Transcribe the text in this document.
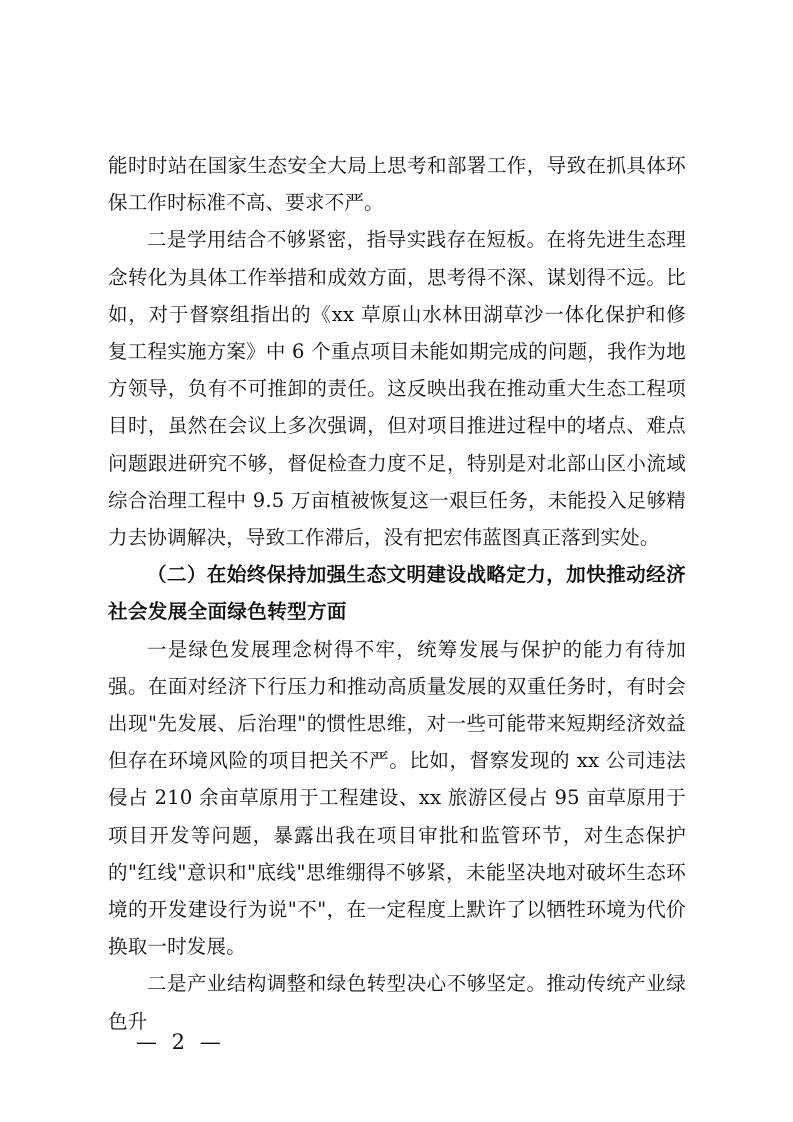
能时时站在国家生态安全大局上思考和部署工作，导致在抓具体环保工作时标准不高、要求不严。

二是学用结合不够紧密，指导实践存在短板。在将先进生态理念转化为具体工作举措和成效方面，思考得不深、谋划得不远。比如，对于督察组指出的《xx 草原山水林田湖草沙一体化保护和修复工程实施方案》中 6 个重点项目未能如期完成的问题，我作为地方领导，负有不可推卸的责任。这反映出我在推动重大生态工程项目时，虽然在会议上多次强调，但对项目推进过程中的堵点、难点问题跟进研究不够，督促检查力度不足，特别是对北部山区小流域综合治理工程中 9.5 万亩植被恢复这一艰巨任务，未能投入足够精力去协调解决，导致工作滞后，没有把宏伟蓝图真正落到实处。

（二）在始终保持加强生态文明建设战略定力，加快推动经济社会发展全面绿色转型方面

一是绿色发展理念树得不牢，统筹发展与保护的能力有待加强。在面对经济下行压力和推动高质量发展的双重任务时，有时会出现"先发展、后治理"的惯性思维，对一些可能带来短期经济效益但存在环境风险的项目把关不严。比如，督察发现的 xx 公司违法侵占 210 余亩草原用于工程建设、xx 旅游区侵占 95 亩草原用于项目开发等问题，暴露出我在项目审批和监管环节，对生态保护的"红线"意识和"底线"思维绷得不够紧，未能坚决地对破坏生态环境的开发建设行为说"不"，在一定程度上默许了以牺牲环境为代价换取一时发展。

二是产业结构调整和绿色转型决心不够坚定。推动传统产业绿色升

— 2 —
